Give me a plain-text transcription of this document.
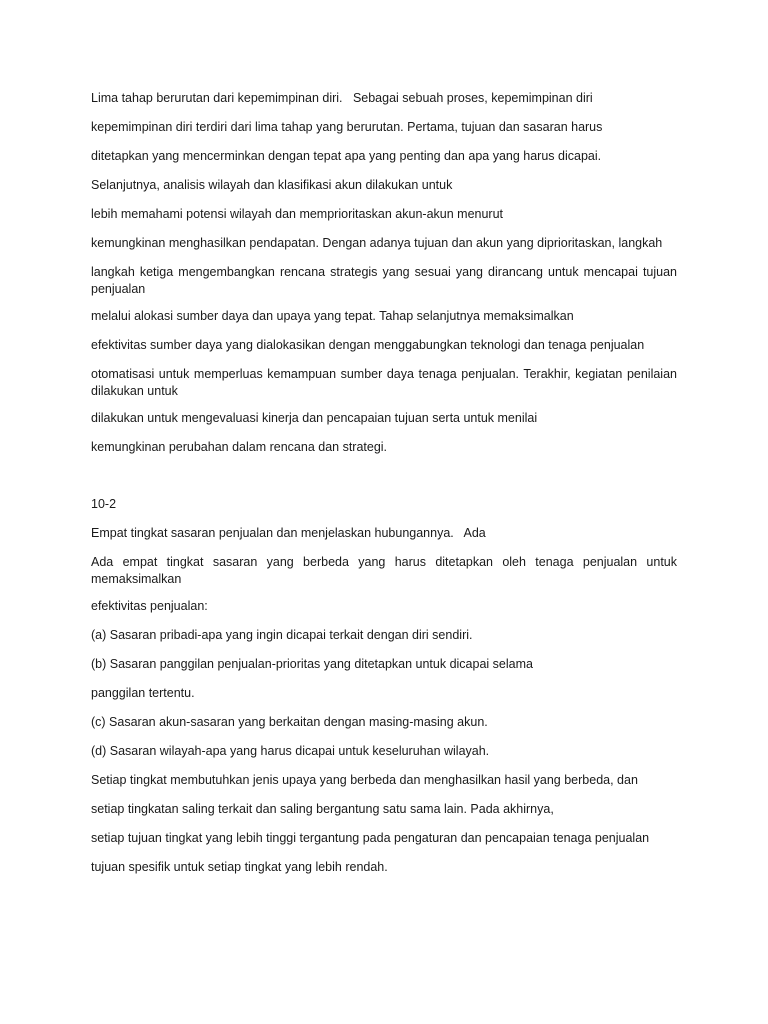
Lima tahap berurutan dari kepemimpinan diri.   Sebagai sebuah proses, kepemimpinan diri

kepemimpinan diri terdiri dari lima tahap yang berurutan. Pertama, tujuan dan sasaran harus

ditetapkan yang mencerminkan dengan tepat apa yang penting dan apa yang harus dicapai.

Selanjutnya, analisis wilayah dan klasifikasi akun dilakukan untuk

lebih memahami potensi wilayah dan memprioritaskan akun-akun menurut

kemungkinan menghasilkan pendapatan. Dengan adanya tujuan dan akun yang diprioritaskan, langkah

langkah ketiga mengembangkan rencana strategis yang sesuai yang dirancang untuk mencapai tujuan penjualan

melalui alokasi sumber daya dan upaya yang tepat. Tahap selanjutnya memaksimalkan

efektivitas sumber daya yang dialokasikan dengan menggabungkan teknologi dan tenaga penjualan

otomatisasi untuk memperluas kemampuan sumber daya tenaga penjualan. Terakhir, kegiatan penilaian dilakukan untuk

dilakukan untuk mengevaluasi kinerja dan pencapaian tujuan serta untuk menilai

kemungkinan perubahan dalam rencana dan strategi.

10-2

Empat tingkat sasaran penjualan dan menjelaskan hubungannya.   Ada

Ada empat tingkat sasaran yang berbeda yang harus ditetapkan oleh tenaga penjualan untuk memaksimalkan

efektivitas penjualan:

(a) Sasaran pribadi-apa yang ingin dicapai terkait dengan diri sendiri.

(b) Sasaran panggilan penjualan-prioritas yang ditetapkan untuk dicapai selama

panggilan tertentu.

(c) Sasaran akun-sasaran yang berkaitan dengan masing-masing akun.

(d) Sasaran wilayah-apa yang harus dicapai untuk keseluruhan wilayah.

Setiap tingkat membutuhkan jenis upaya yang berbeda dan menghasilkan hasil yang berbeda, dan

setiap tingkatan saling terkait dan saling bergantung satu sama lain. Pada akhirnya,

setiap tujuan tingkat yang lebih tinggi tergantung pada pengaturan dan pencapaian tenaga penjualan

tujuan spesifik untuk setiap tingkat yang lebih rendah.
